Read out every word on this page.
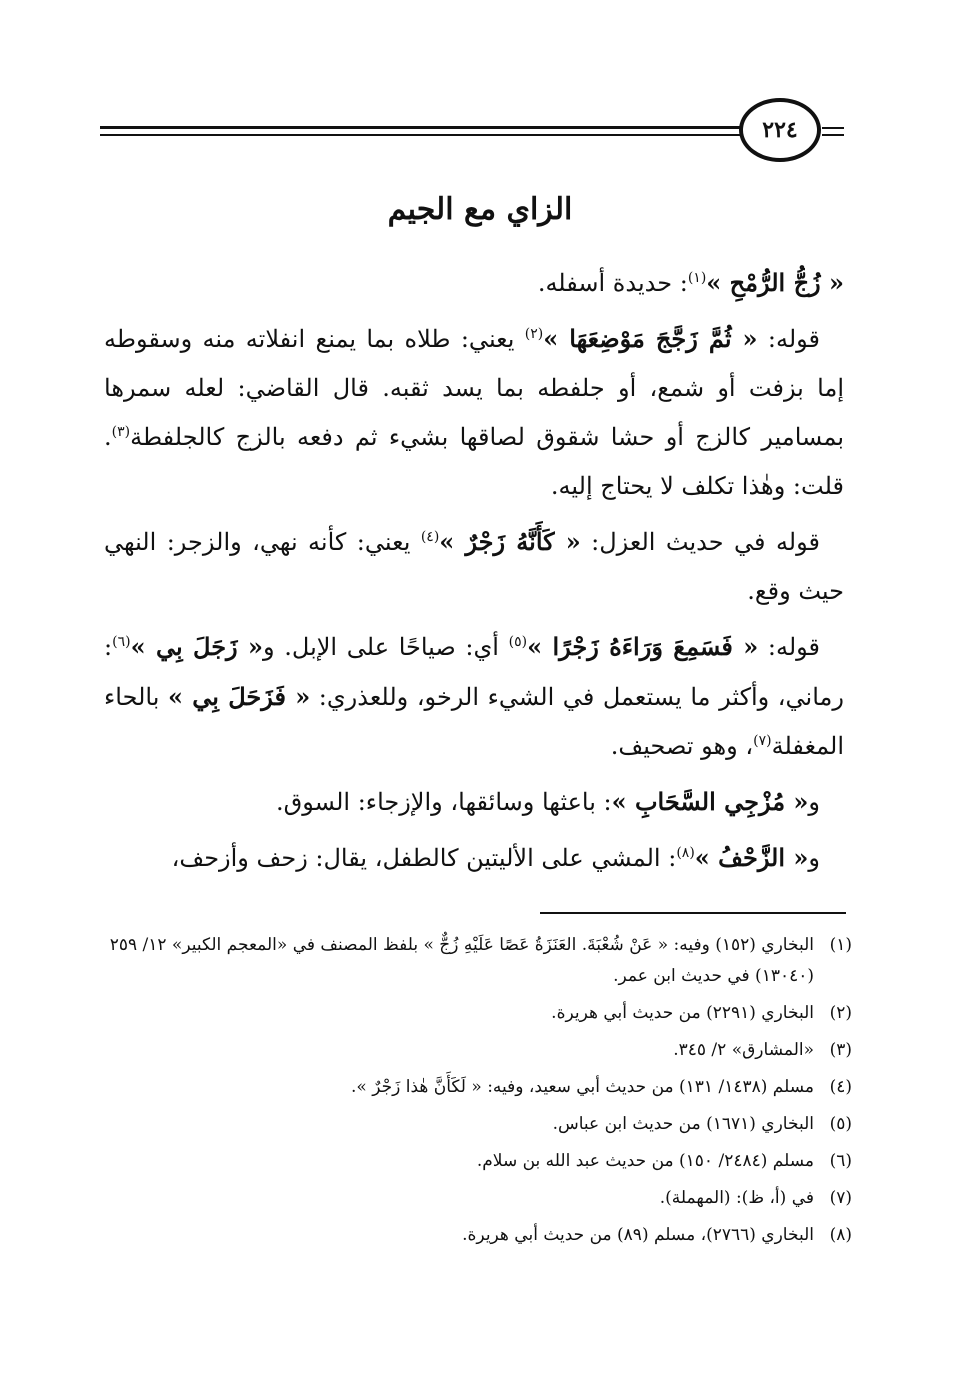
٢٢٤
الزاي مع الجيم

« زُجُّ الرُّمْحِ »$^{(١)}$: حديدة أسفله.

قوله: « ثُمَّ زَجَّجَ مَوْضِعَهَا »$^{(٢)}$ يعني: طلاه بما يمنع انفلاته منه وسقوطه إما بزفت أو شمع، أو جلفطه بما يسد ثقبه. قال القاضي: لعله سمرها بمسامير كالزج أو حشا شقوق لصاقها بشيء ثم دفعه بالزج كالجلفطة$^{(٣)}$. قلت: وهٰذا تكلف لا يحتاج إليه.

قوله في حديث العزل: « كَأَنَّهُ زَجْرٌ »$^{(٤)}$ يعني: كأنه نهي، والزجر: النهي حيث وقع.

قوله: « فَسَمِعَ وَرَاءَهُ زَجْرًا »$^{(٥)}$ أي: صياحًا على الإبل. و« زَجَلَ بِي »$^{(٦)}$: رماني، وأكثر ما يستعمل في الشيء الرخو، وللعذري: « فَزَحَلَ بِي » بالحاء المغفلة$^{(٧)}$، وهو تصحيف.

و« مُزْجِي السَّحَابِ »: باعثها وسائقها، والإزجاء: السوق.

و« الزَّحْفُ »$^{(٨)}$: المشي على الأليتين كالطفل، يقال: زحف وأزحف،

(١)
البخاري (١٥٢) وفيه: « عَنْ شُعْبَةَ. العَنَزَةُ عَصًا عَلَيْهِ زُجٌّ » بلفظ المصنف في «المعجم الكبير» ١٢/ ٢٥٩ (١٣٠٤٠) في حديث ابن عمر.
(٢)
البخاري (٢٢٩١) من حديث أبي هريرة.
(٣)
«المشارق» ٢/ ٣٤٥.
(٤)
مسلم (١٤٣٨/ ١٣١) من حديث أبي سعيد، وفيه: « لَكَأَنَّ هٰذا زَجْرٌ ».
(٥)
البخاري (١٦٧١) من حديث ابن عباس.
(٦)
مسلم (٢٤٨٤/ ١٥٠) من حديث عبد الله بن سلام.
(٧)
في (أ، ظ): (المهملة).
(٨)
البخاري (٢٧٦٦)، مسلم (٨٩) من حديث أبي هريرة.
